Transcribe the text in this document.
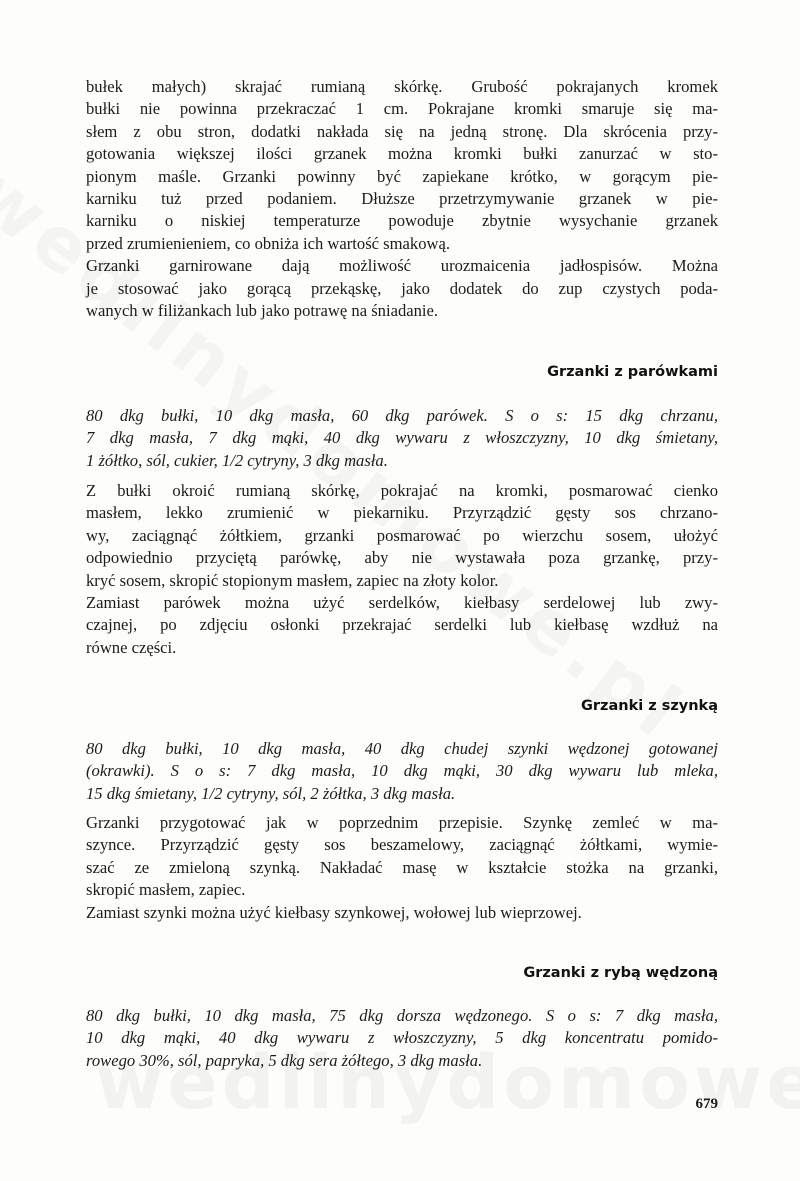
bułek małych) skrajać rumianą skórkę. Grubość pokrajanych kromek
bułki nie powinna przekraczać 1 cm. Pokrajane kromki smaruje się ma-
słem z obu stron, dodatki nakłada się na jedną stronę. Dla skrócenia przy-
gotowania większej ilości grzanek można kromki bułki zanurzać w sto-
pionym maśle. Grzanki powinny być zapiekane krótko, w gorącym pie-
karniku tuż przed podaniem. Dłuższe przetrzymywanie grzanek w pie-
karniku o niskiej temperaturze powoduje zbytnie wysychanie grzanek
przed zrumienieniem, co obniża ich wartość smakową.
Grzanki garnirowane dają możliwość urozmaicenia jadłospisów. Można
je stosować jako gorącą przekąskę, jako dodatek do zup czystych poda-
wanych w filiżankach lub jako potrawę na śniadanie.
Grzanki z parówkami
80 dkg bułki, 10 dkg masła, 60 dkg parówek. S o s: 15 dkg chrzanu,
7 dkg masła, 7 dkg mąki, 40 dkg wywaru z włoszczyzny, 10 dkg śmietany,
1 żółtko, sól, cukier, 1/2 cytryny, 3 dkg masła.
Z bułki okroić rumianą skórkę, pokrajać na kromki, posmarować cienko
masłem, lekko zrumienić w piekarniku. Przyrządzić gęsty sos chrzano-
wy, zaciągnąć żółtkiem, grzanki posmarować po wierzchu sosem, ułożyć
odpowiednio przyciętą parówkę, aby nie wystawała poza grzankę, przy-
kryć sosem, skropić stopionym masłem, zapiec na złoty kolor.
Zamiast parówek można użyć serdelków, kiełbasy serdelowej lub zwy-
czajnej, po zdjęciu osłonki przekrajać serdelki lub kiełbasę wzdłuż na
równe części.
Grzanki z szynką
80 dkg bułki, 10 dkg masła, 40 dkg chudej szynki wędzonej gotowanej
(okrawki). S o s: 7 dkg masła, 10 dkg mąki, 30 dkg wywaru lub mleka,
15 dkg śmietany, 1/2 cytryny, sól, 2 żółtka, 3 dkg masła.
Grzanki przygotować jak w poprzednim przepisie. Szynkę zemleć w ma-
szynce. Przyrządzić gęsty sos beszamelowy, zaciągnąć żółtkami, wymie-
szać ze zmieloną szynką. Nakładać masę w kształcie stożka na grzanki,
skropić masłem, zapiec.
Zamiast szynki można użyć kiełbasy szynkowej, wołowej lub wieprzowej.
Grzanki z rybą wędzoną
80 dkg bułki, 10 dkg masła, 75 dkg dorsza wędzonego. S o s: 7 dkg masła,
10 dkg mąki, 40 dkg wywaru z włoszczyzny, 5 dkg koncentratu pomido-
rowego 30%, sól, papryka, 5 dkg sera żółtego, 3 dkg masła.
679
